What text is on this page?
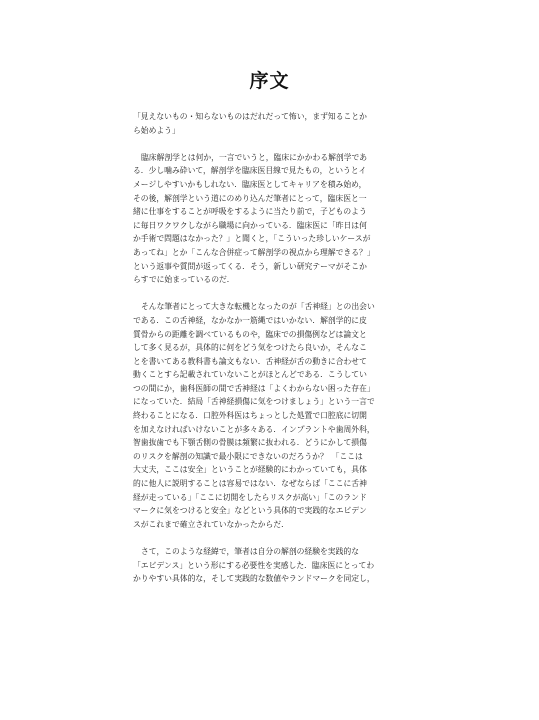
序文
「見えないもの・知らないものはだれだって怖い，まず知ることか
ら始めよう」
臨床解剖学とは何か，一言でいうと，臨床にかかわる解剖学であ
る．少し噛み砕いて，解剖学を臨床医目線で見たもの，というとイ
メージしやすいかもしれない．臨床医としてキャリアを積み始め，
その後，解剖学という道にのめり込んだ筆者にとって，臨床医と一
緒に仕事をすることが呼吸をするように当たり前で，子どものよう
に毎日ワクワクしながら職場に向かっている．臨床医に「昨日は何
か手術で問題はなかった？」と聞くと，「こういった珍しいケースが
あってね」とか「こんな合併症って解剖学の視点から理解できる？」
という返事や質問が返ってくる．そう，新しい研究テーマがそこか
らすでに始まっているのだ．
そんな筆者にとって大きな転機となったのが「舌神経」との出会い
である．この舌神経，なかなか一筋縄ではいかない．解剖学的に皮
質骨からの距離を調べているものや，臨床での損傷例などは論文と
して多く見るが，具体的に何をどう気をつけたら良いか，そんなこ
とを書いてある教科書も論文もない．舌神経が舌の動きに合わせて
動くことすら記載されていないことがほとんどである．こうしてい
つの間にか，歯科医師の間で舌神経は「よくわからない困った存在」
になっていた．結局「舌神経損傷に気をつけましょう」という一言で
終わることになる．口腔外科医はちょっとした処置で口腔底に切開
を加えなければいけないことが多々ある．インプラントや歯周外科，
智歯抜歯でも下顎舌側の骨膜は頻繁に抜われる．どうにかして損傷
のリスクを解剖の知識で最小限にできないのだろうか？　「ここは
大丈夫，ここは安全」ということが経験的にわかっていても，具体
的に他人に説明することは容易ではない．なぜならば「ここに舌神
経が走っている」「ここに切開をしたらリスクが高い」「このランド
マークに気をつけると安全」などという具体的で実践的なエビデン
スがこれまで確立されていなかったからだ．
さて，このような経緯で，筆者は自分の解剖の経験を実践的な
「エビデンス」という形にする必要性を実感した．臨床医にとってわ
かりやすい具体的な，そして実践的な数値やランドマークを同定し，
